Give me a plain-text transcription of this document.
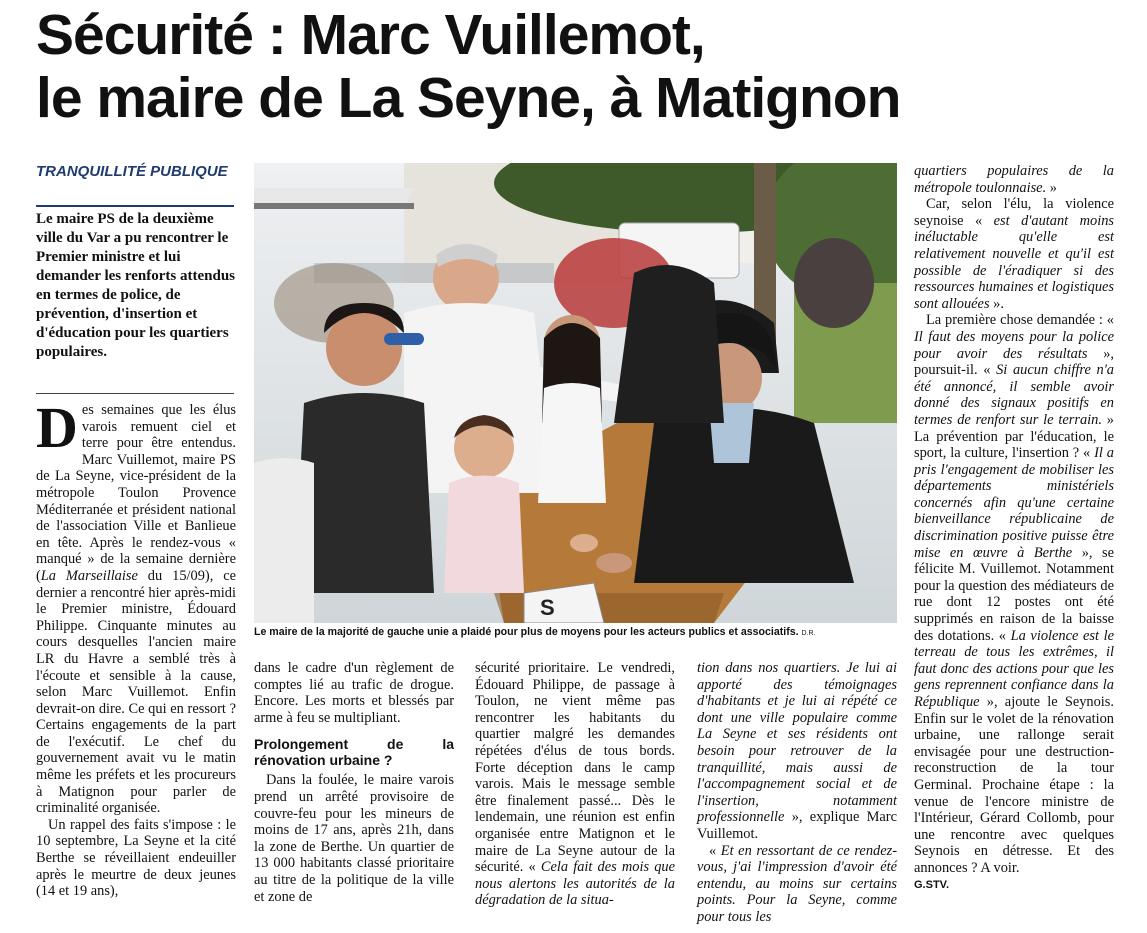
Sécurité : Marc Vuillemot,
le maire de La Seyne, à Matignon
TRANQUILLITÉ PUBLIQUE
Le maire PS de la deuxième ville du Var a pu rencontrer le Premier ministre et lui demander les renforts attendus en termes de police, de prévention, d'insertion et d'éducation pour les quartiers populaires.

Des semaines que les élus varois remuent ciel et terre pour être entendus. Marc Vuillemot, maire PS de La Seyne, vice-président de la métropole Toulon Provence Méditerranée et président national de l'association Ville et Banlieue en tête. Après le rendez-vous « manqué » de la semaine dernière (La Marseillaise du 15/09), ce dernier a rencontré hier après-midi le Premier ministre, Édouard Philippe. Cinquante minutes au cours desquelles l'ancien maire LR du Havre a semblé très à l'écoute et sensible à la cause, selon Marc Vuillemot. Enfin devrait-on dire. Ce qui en ressort ? Certains engagements de la part de l'exécutif. Le chef du gouvernement avait vu le matin même les préfets et les procureurs à Matignon pour parler de criminalité organisée.

Un rappel des faits s'impose : le 10 septembre, La Seyne et la cité Berthe se réveillaient endeuiller après le meurtre de deux jeunes (14 et 19 ans),

dans le cadre d'un règlement de comptes lié au trafic de drogue. Encore. Les morts et blessés par arme à feu se multipliant.

Prolongement de la rénovation urbaine ?

Dans la foulée, le maire varois prend un arrêté provisoire de couvre-feu pour les mineurs de moins de 17 ans, après 21h, dans la zone de Berthe. Un quartier de 13 000 habitants classé prioritaire au titre de la politique de la ville et zone de

sécurité prioritaire. Le vendredi, Édouard Philippe, de passage à Toulon, ne vient même pas rencontrer les habitants du quartier malgré les demandes répétées d'élus de tous bords. Forte déception dans le camp varois. Mais le message semble être finalement passé... Dès le lendemain, une réunion est enfin organisée entre Matignon et le maire de La Seyne autour de la sécurité. « Cela fait des mois que nous alertons les autorités de la dégradation de la situa-

tion dans nos quartiers. Je lui ai apporté des témoignages d'habitants et je lui ai répété ce dont une ville populaire comme La Seyne et ses résidents ont besoin pour retrouver de la tranquillité, mais aussi de l'accompagnement social et de l'insertion, notamment professionnelle », explique Marc Vuillemot.

« Et en ressortant de ce rendez-vous, j'ai l'impression d'avoir été entendu, au moins sur certains points. Pour la Seyne, comme pour tous les

quartiers populaires de la métropole toulonnaise. »

Car, selon l'élu, la violence seynoise « est d'autant moins inéluctable qu'elle est relativement nouvelle et qu'il est possible de l'éradiquer si des ressources humaines et logistiques sont allouées ».

La première chose demandée : « Il faut des moyens pour la police pour avoir des résultats », poursuit-il. « Si aucun chiffre n'a été annoncé, il semble avoir donné des signaux positifs en termes de renfort sur le terrain. » La prévention par l'éducation, le sport, la culture, l'insertion ? « Il a pris l'engagement de mobiliser les départements ministériels concernés afin qu'une certaine bienveillance républicaine de discrimination positive puisse être mise en œuvre à Berthe », se félicite M. Vuillemot. Notamment pour la question des médiateurs de rue dont 12 postes ont été supprimés en raison de la baisse des dotations. « La violence est le terreau de tous les extrêmes, il faut donc des actions pour que les gens reprennent confiance dans la République », ajoute le Seynois. Enfin sur le volet de la rénovation urbaine, une rallonge serait envisagée pour une destruction-reconstruction de la tour Germinal. Prochaine étape : la venue de l'encore ministre de l'Intérieur, Gérard Collomb, pour une rencontre avec quelques Seynois en détresse. Et des annonces ? A voir.

G.STV.

S
Le maire de la majorité de gauche unie a plaidé pour plus de moyens pour les acteurs publics et associatifs. D.R.
